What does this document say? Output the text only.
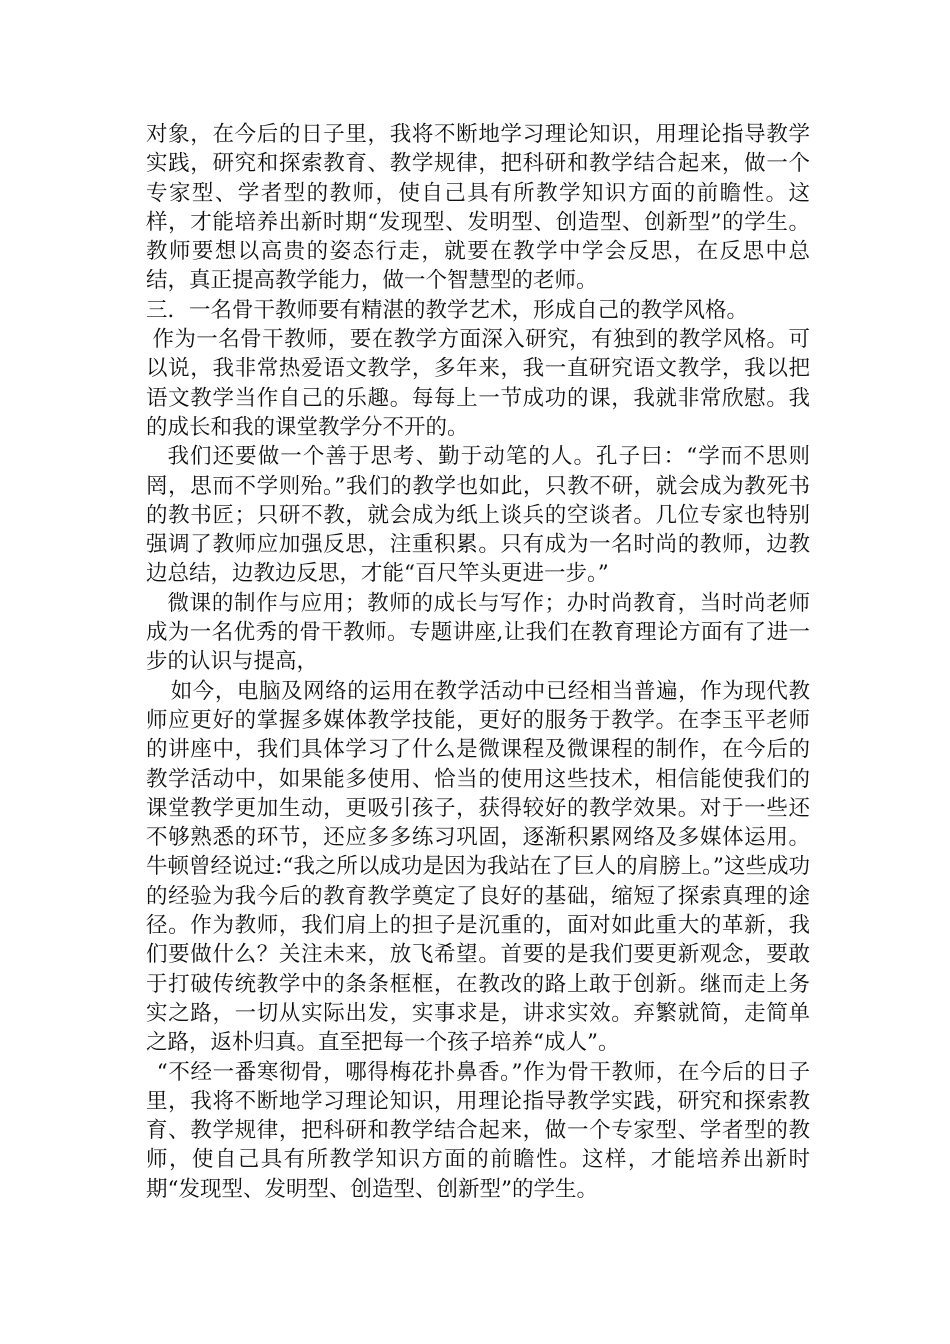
对象，在今后的日子里，我将不断地学习理论知识，用理论指导教学实践，研究和探索教育、教学规律，把科研和教学结合起来，做一个专家型、学者型的教师，使自己具有所教学知识方面的前瞻性。这样，才能培养出新时期“发现型、发明型、创造型、创新型”的学生。教师要想以高贵的姿态行走，就要在教学中学会反思，在反思中总结，真正提高教学能力，做一个智慧型的老师。

三．一名骨干教师要有精湛的教学艺术，形成自己的教学风格。

作为一名骨干教师，要在教学方面深入研究，有独到的教学风格。可以说，我非常热爱语文教学，多年来，我一直研究语文教学，我以把语文教学当作自己的乐趣。每每上一节成功的课，我就非常欣慰。我的成长和我的课堂教学分不开的。

我们还要做一个善于思考、勤于动笔的人。孔子曰：“学而不思则罔，思而不学则殆。”我们的教学也如此，只教不研，就会成为教死书的教书匠；只研不教，就会成为纸上谈兵的空谈者。几位专家也特别强调了教师应加强反思，注重积累。只有成为一名时尚的教师，边教边总结，边教边反思，才能“百尺竿头更进一步。”

微课的制作与应用；教师的成长与写作；办时尚教育，当时尚老师成为一名优秀的骨干教师。专题讲座,让我们在教育理论方面有了进一步的认识与提高，

如今，电脑及网络的运用在教学活动中已经相当普遍，作为现代教师应更好的掌握多媒体教学技能，更好的服务于教学。在李玉平老师的讲座中，我们具体学习了什么是微课程及微课程的制作，在今后的教学活动中，如果能多使用、恰当的使用这些技术，相信能使我们的课堂教学更加生动，更吸引孩子，获得较好的教学效果。对于一些还不够熟悉的环节，还应多多练习巩固，逐渐积累网络及多媒体运用。牛顿曾经说过:“我之所以成功是因为我站在了巨人的肩膀上。”这些成功的经验为我今后的教育教学奠定了良好的基础，缩短了探索真理的途径。作为教师，我们肩上的担子是沉重的，面对如此重大的革新，我们要做什么？关注未来，放飞希望。首要的是我们要更新观念，要敢于打破传统教学中的条条框框，在教改的路上敢于创新。继而走上务实之路，一切从实际出发，实事求是，讲求实效。弃繁就简，走简单之路，返朴归真。直至把每一个孩子培养“成人”。

“不经一番寒彻骨，哪得梅花扑鼻香。”作为骨干教师，在今后的日子里，我将不断地学习理论知识，用理论指导教学实践，研究和探索教育、教学规律，把科研和教学结合起来，做一个专家型、学者型的教师，使自己具有所教学知识方面的前瞻性。这样，才能培养出新时期“发现型、发明型、创造型、创新型”的学生。
